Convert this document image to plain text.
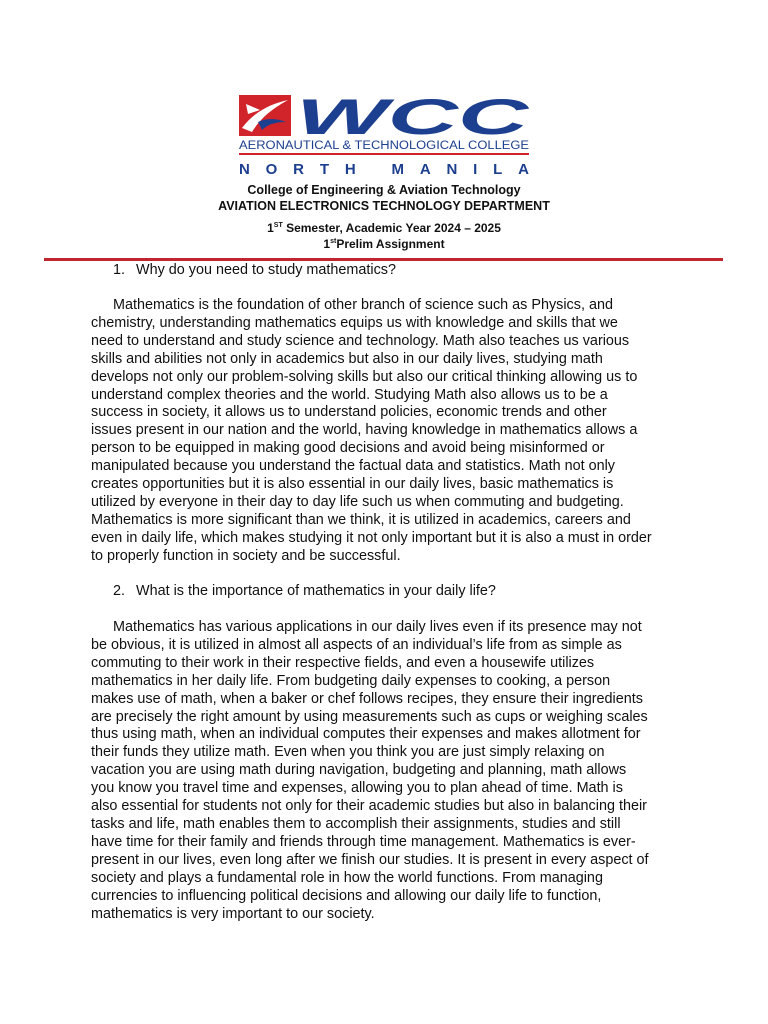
WCC
AERONAUTICAL & TECHNOLOGICAL COLLEGE
NORTH MANILA
College of Engineering & Aviation Technology
AVIATION ELECTRONICS TECHNOLOGY DEPARTMENT
1ST Semester, Academic Year 2024 – 2025
1stPrelim Assignment
1. Why do you need to study mathematics?
Mathematics is the foundation of other branch of science such as Physics, and
chemistry, understanding mathematics equips us with knowledge and skills that we
need to understand and study science and technology. Math also teaches us various
skills and abilities not only in academics but also in our daily lives, studying math
develops not only our problem-solving skills but also our critical thinking allowing us to
understand complex theories and the world. Studying Math also allows us to be a
success in society, it allows us to understand policies, economic trends and other
issues present in our nation and the world, having knowledge in mathematics allows a
person to be equipped in making good decisions and avoid being misinformed or
manipulated because you understand the factual data and statistics. Math not only
creates opportunities but it is also essential in our daily lives, basic mathematics is
utilized by everyone in their day to day life such us when commuting and budgeting.
Mathematics is more significant than we think, it is utilized in academics, careers and
even in daily life, which makes studying it not only important but it is also a must in order
to properly function in society and be successful.
2. What is the importance of mathematics in your daily life?
Mathematics has various applications in our daily lives even if its presence may not
be obvious, it is utilized in almost all aspects of an individual’s life from as simple as
commuting to their work in their respective fields, and even a housewife utilizes
mathematics in her daily life. From budgeting daily expenses to cooking, a person
makes use of math, when a baker or chef follows recipes, they ensure their ingredients
are precisely the right amount by using measurements such as cups or weighing scales
thus using math, when an individual computes their expenses and makes allotment for
their funds they utilize math. Even when you think you are just simply relaxing on
vacation you are using math during navigation, budgeting and planning, math allows
you know you travel time and expenses, allowing you to plan ahead of time. Math is
also essential for students not only for their academic studies but also in balancing their
tasks and life, math enables them to accomplish their assignments, studies and still
have time for their family and friends through time management. Mathematics is ever-
present in our lives, even long after we finish our studies. It is present in every aspect of
society and plays a fundamental role in how the world functions. From managing
currencies to influencing political decisions and allowing our daily life to function,
mathematics is very important to our society.
